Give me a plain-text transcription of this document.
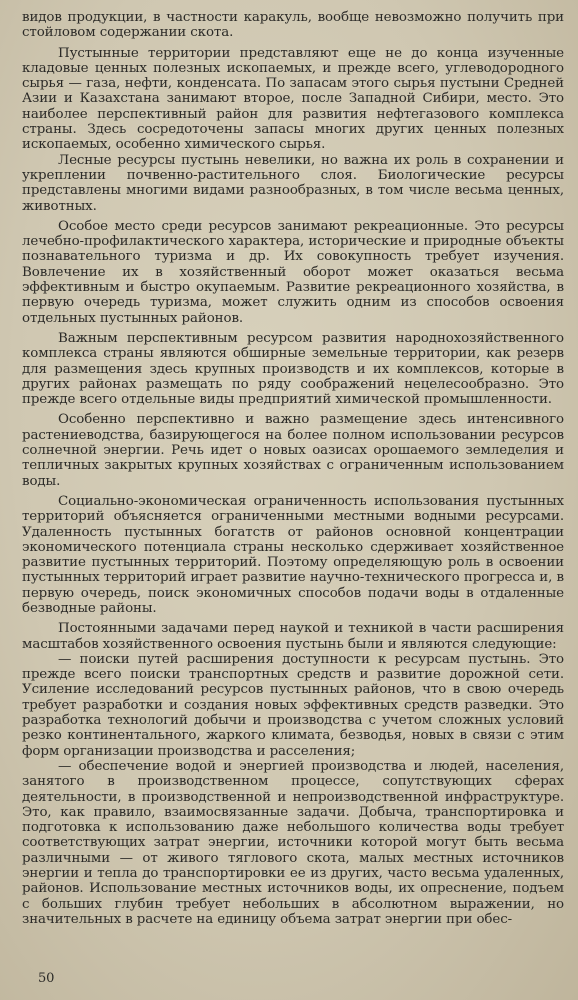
видов продукции, в частности каракуль, вообще невозможно получить при стойловом содержании скота.

Пустынные территории представляют еще не до конца изученные кладовые ценных полезных ископаемых, и прежде всего, углеводородного сырья — газа, нефти, конденсата. По запасам этого сырья пустыни Средней Азии и Казахстана занимают второе, после Западной Сибири, место. Это наиболее перспективный район для развития нефтегазового комплекса страны. Здесь сосредоточены запасы многих других ценных полезных ископаемых, особенно химического сырья.

Лесные ресурсы пустынь невелики, но важна их роль в сохранении и укреплении почвенно-растительного слоя. Биологические ресурсы представлены многими видами разнообразных, в том числе весьма ценных, животных.

Особое место среди ресурсов занимают рекреационные. Это ресурсы лечебно-профилактического характера, исторические и природные объекты познавательного туризма и др. Их совокупность требует изучения. Вовлечение их в хозяйственный оборот может оказаться весьма эффективным и быстро окупаемым. Развитие рекреационного хозяйства, в первую очередь туризма, может служить одним из способов освоения отдельных пустынных районов.

Важным перспективным ресурсом развития народнохозяйственного комплекса страны являются обширные земельные территории, как резерв для размещения здесь крупных производств и их комплексов, которые в других районах размещать по ряду соображений нецелесообразно. Это прежде всего отдельные виды предприятий химической промышленности.

Особенно перспективно и важно размещение здесь интенсивного растениеводства, базирующегося на более полном использовании ресурсов солнечной энергии. Речь идет о новых оазисах орошаемого земледелия и тепличных закрытых крупных хозяйствах с ограниченным использованием воды.

Социально-экономическая ограниченность использования пустынных территорий объясняется ограниченными местными водными ресурсами. Удаленность пустынных богатств от районов основной концентрации экономического потенциала страны несколько сдерживает хозяйственное развитие пустынных территорий. Поэтому определяющую роль в освоении пустынных территорий играет развитие научно-технического прогресса и, в первую очередь, поиск экономичных способов подачи воды в отдаленные безводные районы.

Постоянными задачами перед наукой и техникой в части расширения масштабов хозяйственного освоения пустынь были и являются следующие:

— поиски путей расширения доступности к ресурсам пустынь. Это прежде всего поиски транспортных средств и развитие дорожной сети. Усиление исследований ресурсов пустынных районов, что в свою очередь требует разработки и создания новых эффективных средств разведки. Это разработка технологий добычи и производства с учетом сложных условий резко континентального, жаркого климата, безводья, новых в связи с этим форм организации производства и расселения;

— обеспечение водой и энергией производства и людей, населения, занятого в производственном процессе, сопутствующих сферах деятельности, в производственной и непроизводственной инфраструктуре. Это, как правило, взаимосвязанные задачи. Добыча, транспортировка и подготовка к использованию даже небольшого количества воды требует соответствующих затрат энергии, источники которой могут быть весьма различными — от живого тяглового скота, малых местных источников энергии и тепла до транспортировки ее из других, часто весьма удаленных, районов. Использование местных источников воды, их опреснение, подъем с больших глубин требует небольших в абсолютном выражении, но значительных в расчете на единицу объема затрат энергии при обес-

50
